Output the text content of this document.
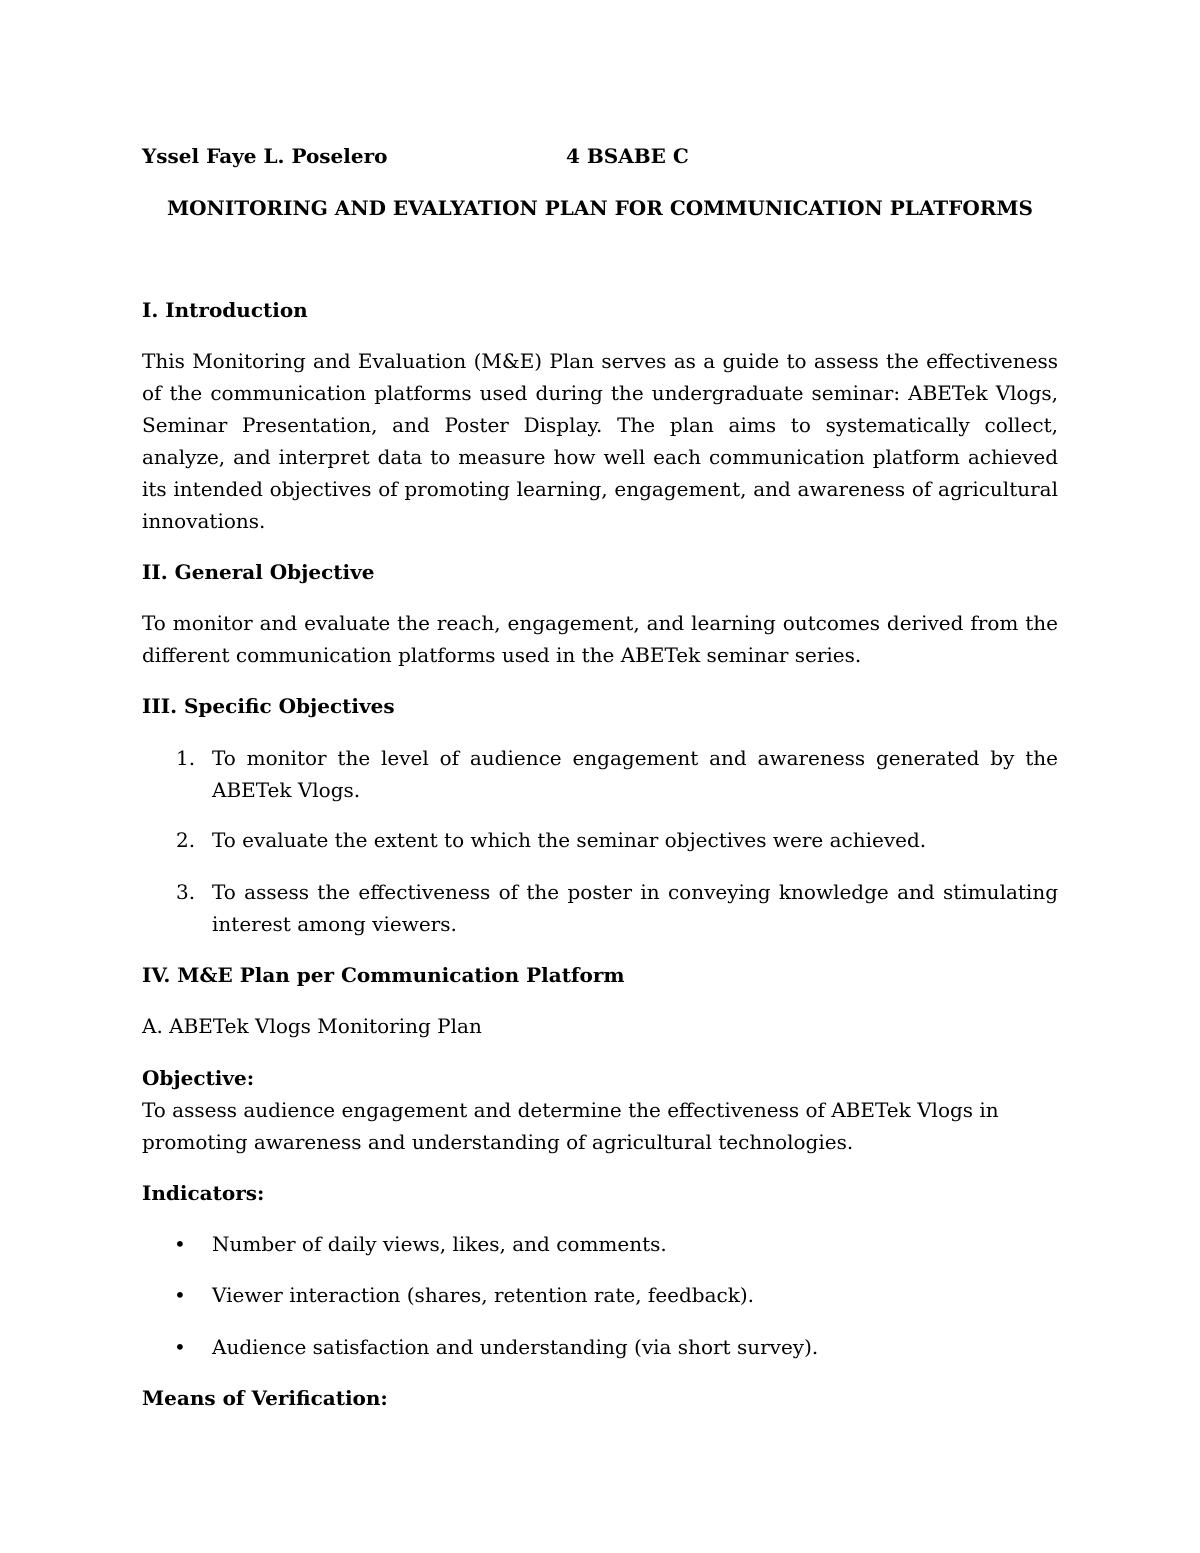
Yssel Faye L. Poselero	4 BSABE C

MONITORING AND EVALYATION PLAN FOR COMMUNICATION PLATFORMS

I. Introduction

This Monitoring and Evaluation (M&E) Plan serves as a guide to assess the effectiveness of the communication platforms used during the undergraduate seminar: ABETek Vlogs, Seminar Presentation, and Poster Display. The plan aims to systematically collect, analyze, and interpret data to measure how well each communication platform achieved its intended objectives of promoting learning, engagement, and awareness of agricultural innovations.

II. General Objective

To monitor and evaluate the reach, engagement, and learning outcomes derived from the different communication platforms used in the ABETek seminar series.

III. Specific Objectives

1. To monitor the level of audience engagement and awareness generated by the ABETek Vlogs.

2. To evaluate the extent to which the seminar objectives were achieved.

3. To assess the effectiveness of the poster in conveying knowledge and stimulating interest among viewers.

IV. M&E Plan per Communication Platform

A. ABETek Vlogs Monitoring Plan

Objective:

To assess audience engagement and determine the effectiveness of ABETek Vlogs in promoting awareness and understanding of agricultural technologies.

Indicators:

• Number of daily views, likes, and comments.

• Viewer interaction (shares, retention rate, feedback).

• Audience satisfaction and understanding (via short survey).

Means of Verification:
